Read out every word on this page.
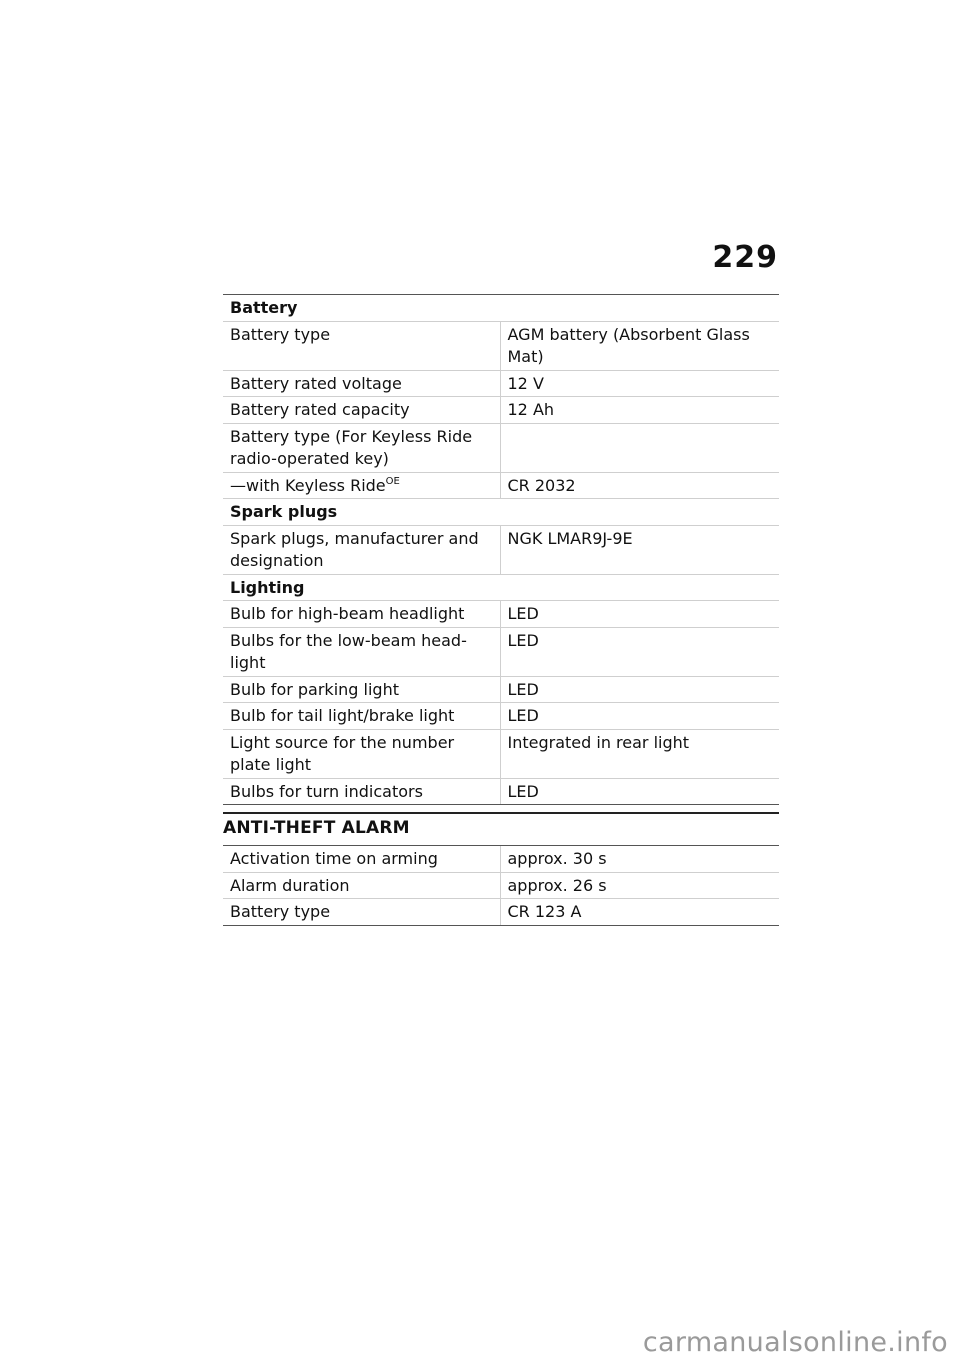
229
Battery	
Battery type	AGM battery (Absorbent Glass Mat)
Battery rated voltage	12 V
Battery rated capacity	12 Ah
Battery type (For Keyless Ride radio-operated key)	
—with Keyless Ride$^{OE}$	CR 2032
Spark plugs	
Spark plugs, manufacturer and designation	NGK LMAR9J-9E
Lighting	
Bulb for high-beam headlight	LED
Bulbs for the low-beam head-light	LED
Bulb for parking light	LED
Bulb for tail light/brake light	LED
Light source for the number plate light	Integrated in rear light
Bulbs for turn indicators	LED
ANTI-THEFT ALARM
Activation time on arming	approx. 30 s
Alarm duration	approx. 26 s
Battery type	CR 123 A
carmanualsonline.info
